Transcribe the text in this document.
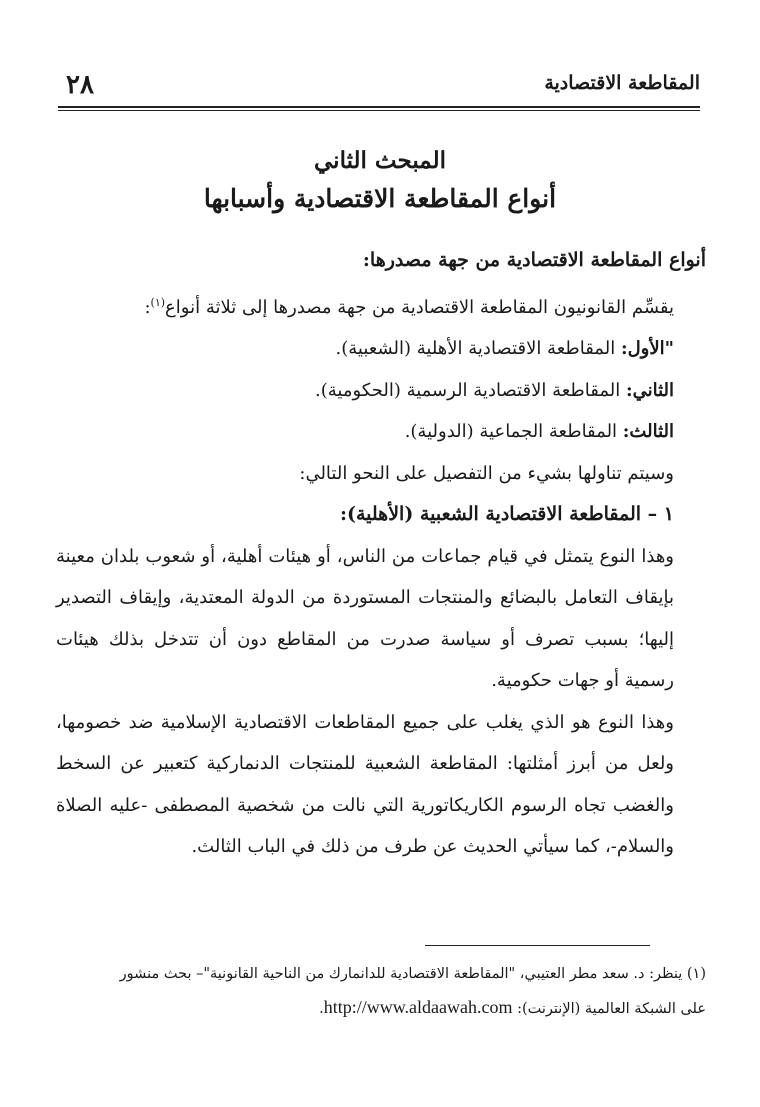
٢٨	المقاطعة الاقتصادية

المبحث الثاني

أنواع المقاطعة الاقتصادية وأسبابها

أنواع المقاطعة الاقتصادية من جهة مصدرها:

يقسِّم القانونيون المقاطعة الاقتصادية من جهة مصدرها إلى ثلاثة أنواع$^{(١)}$:

"الأول: المقاطعة الاقتصادية الأهلية (الشعبية).

الثاني: المقاطعة الاقتصادية الرسمية (الحكومية).

الثالث: المقاطعة الجماعية (الدولية).

وسيتم تناولها بشيء من التفصيل على النحو التالي:

١ – المقاطعة الاقتصادية الشعبية (الأهلية):

وهذا النوع يتمثل في قيام جماعات من الناس، أو هيئات أهلية، أو شعوب بلدان معينة بإيقاف التعامل بالبضائع والمنتجات المستوردة من الدولة المعتدية، وإيقاف التصدير إليها؛ بسبب تصرف أو سياسة صدرت من المقاطع دون أن تتدخل بذلك هيئات رسمية أو جهات حكومية.

وهذا النوع هو الذي يغلب على جميع المقاطعات الاقتصادية الإسلامية ضد خصومها، ولعل من أبرز أمثلتها: المقاطعة الشعبية للمنتجات الدنماركية كتعبير عن السخط والغضب تجاه الرسوم الكاريكاتورية التي نالت من شخصية المصطفى -عليه الصلاة والسلام-، كما سيأتي الحديث عن طرف من ذلك في الباب الثالث.

(١) ينظر: د. سعد مطر العتيبي، "المقاطعة الاقتصادية للدانمارك من الناحية القانونية"– بحث منشور

على الشبكة العالمية (الإنترنت): http://www.aldaawah.com.
